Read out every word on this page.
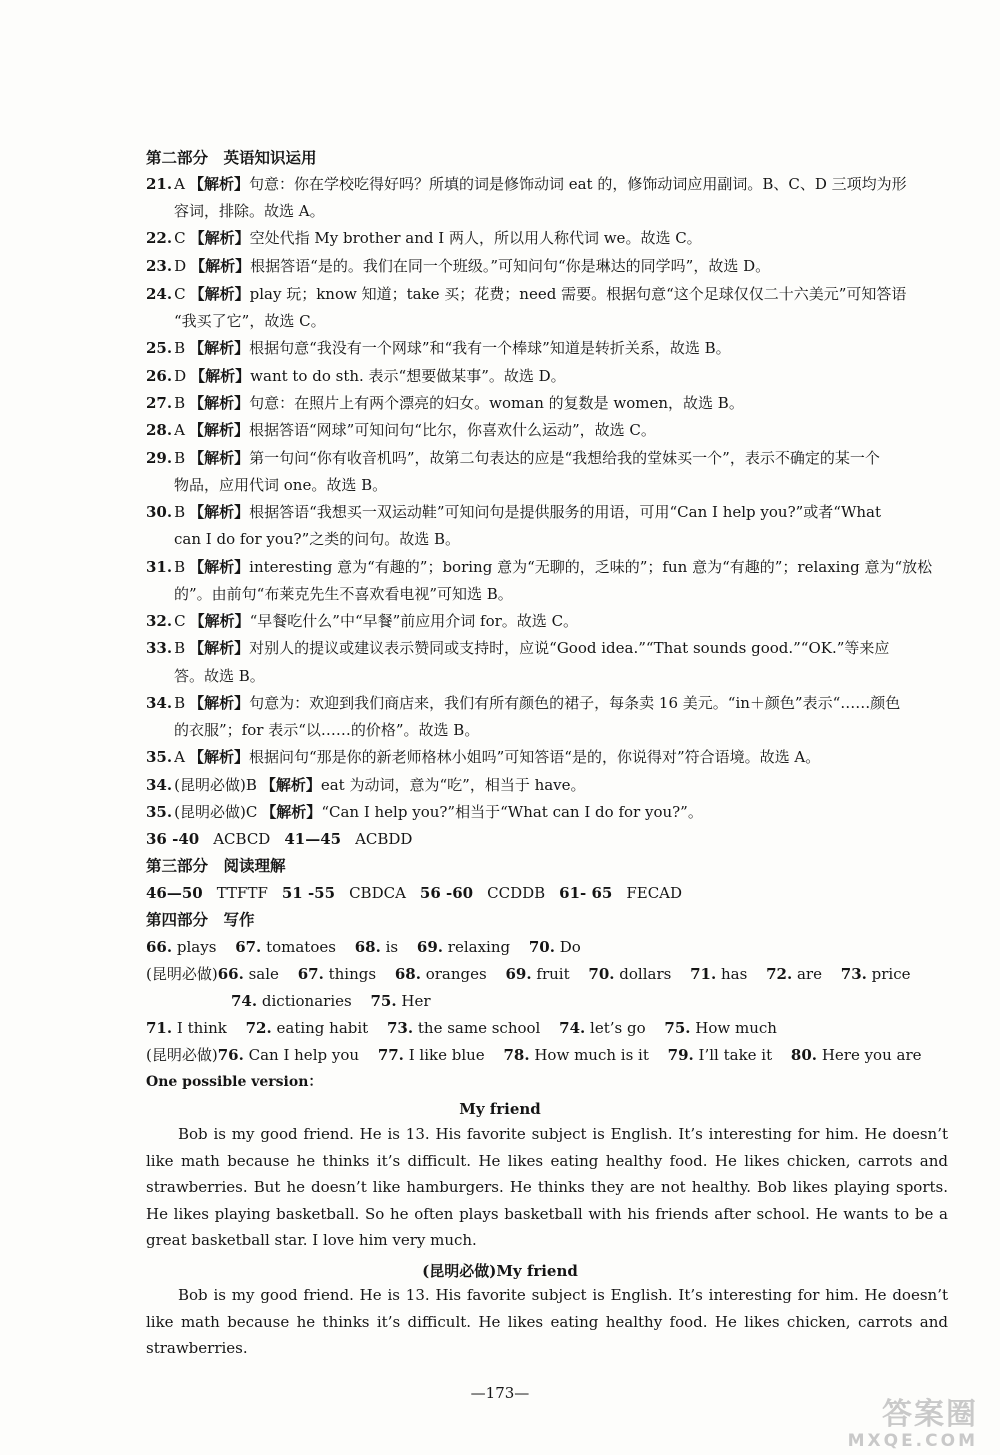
第二部分　英语知识运用
21. A 【解析】句意：你在学校吃得好吗？所填的词是修饰动词 eat 的，修饰动词应用副词。B、C、D 三项均为形
容词，排除。故选 A。
22. C 【解析】空处代指 My brother and I 两人，所以用人称代词 we。故选 C。
23. D 【解析】根据答语“是的。我们在同一个班级。”可知问句“你是琳达的同学吗”，故选 D。
24. C 【解析】play 玩；know 知道；take 买；花费；need 需要。根据句意“这个足球仅仅二十六美元”可知答语
“我买了它”，故选 C。
25. B 【解析】根据句意“我没有一个网球”和“我有一个棒球”知道是转折关系，故选 B。
26. D 【解析】want to do sth. 表示“想要做某事”。故选 D。
27. B 【解析】句意：在照片上有两个漂亮的妇女。woman 的复数是 women，故选 B。
28. A 【解析】根据答语“网球”可知问句“比尔，你喜欢什么运动”，故选 C。
29. B 【解析】第一句问“你有收音机吗”，故第二句表达的应是“我想给我的堂妹买一个”，表示不确定的某一个
物品，应用代词 one。故选 B。
30. B 【解析】根据答语“我想买一双运动鞋”可知问句是提供服务的用语，可用“Can I help you?”或者“What
can I do for you?”之类的问句。故选 B。
31. B 【解析】interesting 意为“有趣的”；boring 意为“无聊的，乏味的”；fun 意为“有趣的”；relaxing 意为“放松
的”。由前句“布莱克先生不喜欢看电视”可知选 B。
32. C 【解析】“早餐吃什么”中“早餐”前应用介词 for。故选 C。
33. B 【解析】对别人的提议或建议表示赞同或支持时，应说“Good idea.”“That sounds good.”“OK.”等来应
答。故选 B。
34. B 【解析】句意为：欢迎到我们商店来，我们有所有颜色的裙子，每条卖 16 美元。“in＋颜色”表示“……颜色
的衣服”；for 表示“以……的价格”。故选 B。
35. A 【解析】根据问句“那是你的新老师格林小姐吗”可知答语“是的，你说得对”符合语境。故选 A。
34. (昆明必做)B 【解析】eat 为动词，意为“吃”，相当于 have。
35. (昆明必做)C 【解析】“Can I help you?”相当于“What can I do for you?”。
36 -40 ACBCD 41—45 ACBDD
第三部分　阅读理解
46—50 TTFTF 51 -55 CBDCA 56 -60 CCDDB 61- 65 FECAD
第四部分　写作
66. plays 67. tomatoes 68. is 69. relaxing 70. Do
(昆明必做)66. sale 67. things 68. oranges 69. fruit 70. dollars 71. has 72. are 73. price
74. dictionaries 75. Her
71. I think 72. eating habit 73. the same school 74. let’s go 75. How much
(昆明必做)76. Can I help you 77. I like blue 78. How much is it 79. I’ll take it 80. Here you are
One possible version：
My friend
Bob is my good friend. He is 13. His favorite subject is English. It’s interesting for him. He doesn’t like math because he thinks it’s difficult. He likes eating healthy food. He likes chicken, carrots and strawberries. But he doesn’t like hamburgers. He thinks they are not healthy. Bob likes playing sports. He likes playing basketball. So he often plays basketball with his friends after school. He wants to be a great basketball star. I love him very much.
(昆明必做)My friend
Bob is my good friend. He is 13. His favorite subject is English. It’s interesting for him. He doesn’t like math because he thinks it’s difficult. He likes eating healthy food. He likes chicken, carrots and strawberries.
—173—
答案圈
MXQE.COM
